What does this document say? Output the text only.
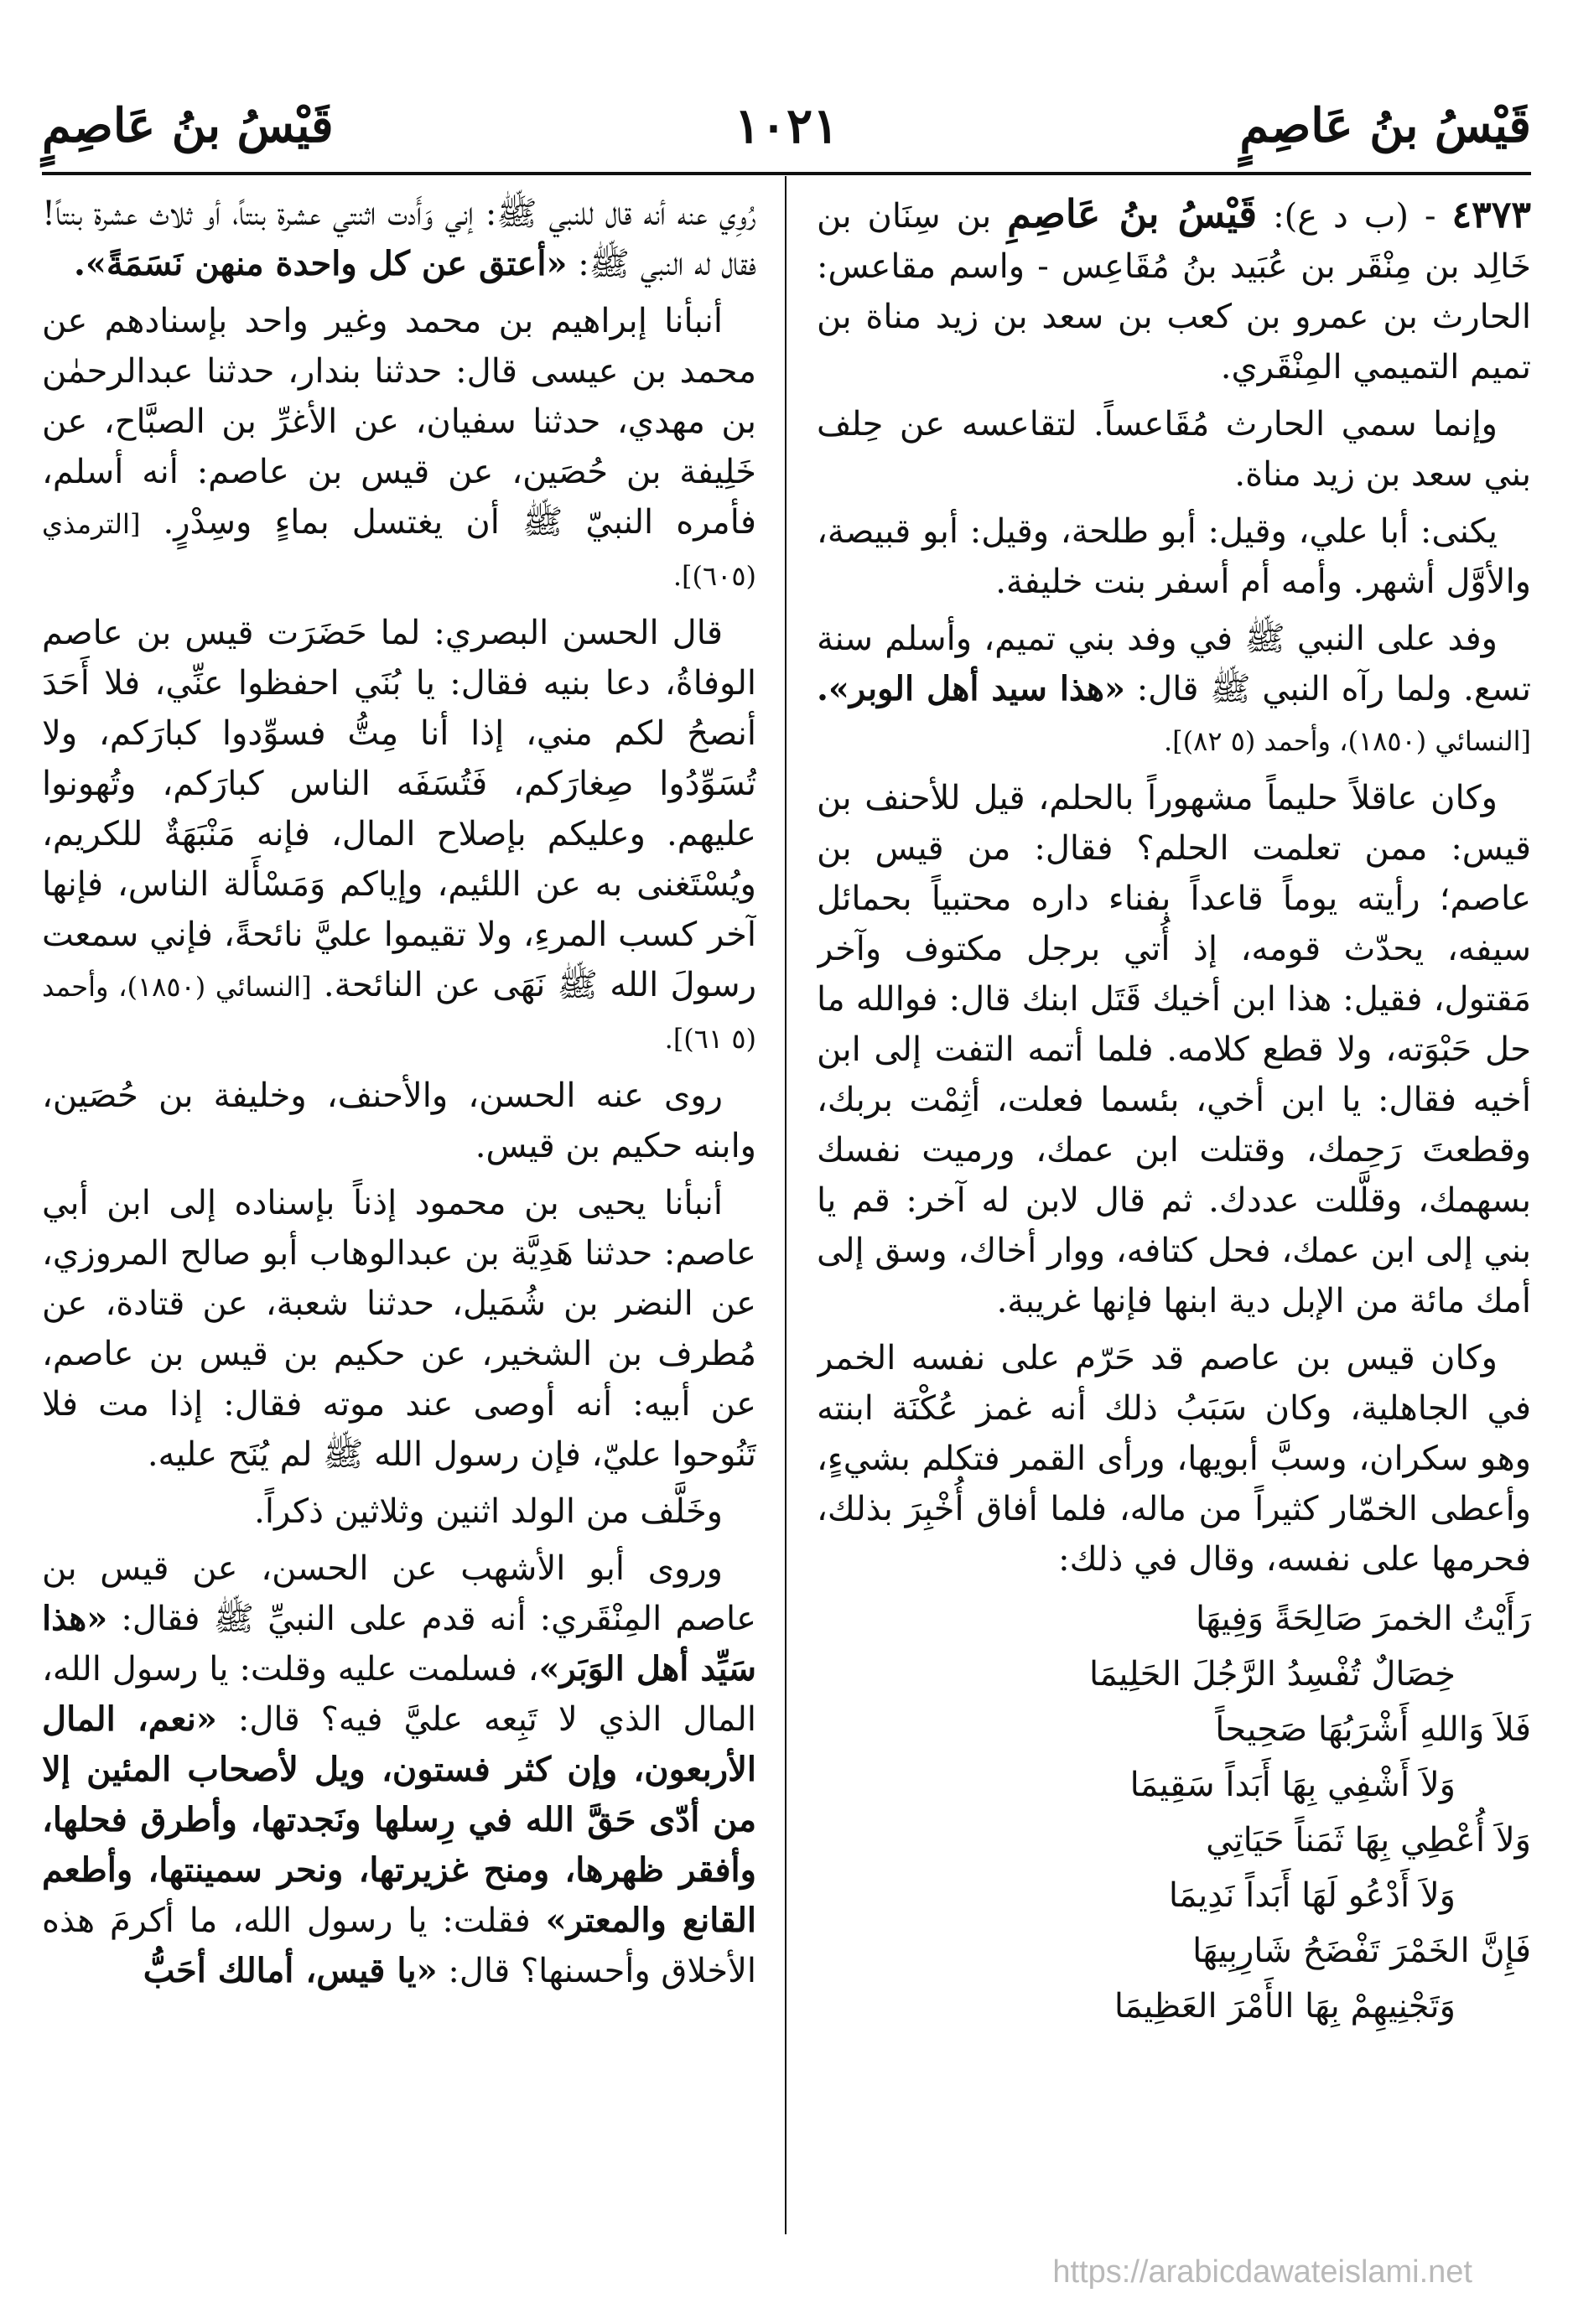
قَيْسُ بنُ عَاصِمٍ
١٠٢١
قَيْسُ بنُ عَاصِمٍ

٤٣٧٣ - (ب د ع): قَيْسُ بنُ عَاصِمِ بن سِنَان بن خَالِد بن مِنْقَر بن عُبَيد بنُ مُقَاعِس - واسم مقاعس: الحارث بن عمرو بن كعب بن سعد بن زيد مناة بن تميم التميمي المِنْقَري.

وإنما سمي الحارث مُقَاعساً. لتقاعسه عن حِلف بني سعد بن زيد مناة.

يكنى: أبا علي، وقيل: أبو طلحة، وقيل: أبو قبيصة، والأوَّل أشهر. وأمه أم أسفر بنت خليفة.

وفد على النبي ﷺ في وفد بني تميم، وأسلم سنة تسع. ولما رآه النبي ﷺ قال: «هذا سيد أهل الوبر». [النسائي (١٨٥٠)، وأحمد (٥ ٨٢)].

وكان عاقلاً حليماً مشهوراً بالحلم، قيل للأحنف بن قيس: ممن تعلمت الحلم؟ فقال: من قيس بن عاصم؛ رأيته يوماً قاعداً بفناء داره محتبياً بحمائل سيفه، يحدّث قومه، إذ أُتي برجل مكتوف وآخر مَقتول، فقيل: هذا ابن أخيك قَتَل ابنك قال: فوالله ما حل حَبْوَته، ولا قطع كلامه. فلما أتمه التفت إلى ابن أخيه فقال: يا ابن أخي، بئسما فعلت، أثِمْت بربك، وقطعتَ رَحِمك، وقتلت ابن عمك، ورميت نفسك بسهمك، وقلَّلت عددك. ثم قال لابن له آخر: قم يا بني إلى ابن عمك، فحل كتافه، ووار أخاك، وسق إلى أمك مائة من الإبل دية ابنها فإنها غريبة.

وكان قيس بن عاصم قد حَرّم على نفسه الخمر في الجاهلية، وكان سَبَبُ ذلك أنه غمز عُكْنَة ابنته وهو سكران، وسبَّ أبويها، ورأى القمر فتكلم بشيءٍ، وأعطى الخمّار كثيراً من ماله، فلما أفاق أُخْبِرَ بذلك، فحرمها على نفسه، وقال في ذلك:

رَأَيْتُ الخمرَ صَالِحَةً وَفِيهَا
خِصَالٌ تُفْسِدُ الرَّجُلَ الحَلِيمَا
فَلاَ وَاللهِ أَشْرَبُهَا صَحِيحاً
وَلاَ أَشْفِي بِهَا أَبَداً سَقِيمَا
وَلاَ أُعْطِي بِهَا ثَمَناً حَيَاتِي
وَلاَ أَدْعُو لَهَا أَبَداً نَدِيمَا
فَإِنَّ الخَمْرَ تَفْضَحُ شَارِبِيهَا
وَتَجْنِيهِمْ بِهَا الأَمْرَ العَظِيمَا

رُوِي عنه أنه قال للنبي ﷺ: إني وَأَدت اثنتي عشرة بنتاً، أو ثلاث عشرة بنتاً! فقال له النبي ﷺ: «أعتق عن كل واحدة منهن نَسَمَةً».

أنبأنا إبراهيم بن محمد وغير واحد بإسنادهم عن محمد بن عيسى قال: حدثنا بندار، حدثنا عبدالرحمٰن بن مهدي، حدثنا سفيان، عن الأغرِّ بن الصبَّاح، عن خَلِيفة بن حُصَين، عن قيس بن عاصم: أنه أسلم، فأمره النبيّ ﷺ أن يغتسل بماءٍ وسِدْرٍ. [الترمذي (٦٠٥)].

قال الحسن البصري: لما حَضَرَت قيس بن عاصم الوفاةُ، دعا بنيه فقال: يا بُنَي احفظوا عنِّي، فلا أَحَدَ أنصحُ لكم مني، إذا أنا مِتُّ فسوِّدوا كبارَكم، ولا تُسَوِّدُوا صِغارَكم، فَتُسَفَه الناس كبارَكم، وتُهونوا عليهم. وعليكم بإصلاح المال، فإنه مَنْبَهَةٌ للكريم، ويُسْتَغنى به عن اللئيم، وإياكم وَمَسْأَلة الناس، فإنها آخر كسب المرءِ، ولا تقيموا عليَّ نائحةً، فإني سمعت رسولَ الله ﷺ نَهَى عن النائحة. [النسائي (١٨٥٠)، وأحمد (٥ ٦١)].

روى عنه الحسن، والأحنف، وخليفة بن حُصَين، وابنه حكيم بن قيس.

أنبأنا يحيى بن محمود إذناً بإسناده إلى ابن أبي عاصم: حدثنا هَدِيَّة بن عبدالوهاب أبو صالح المروزي، عن النضر بن شُمَيل، حدثنا شعبة، عن قتادة، عن مُطرف بن الشخير، عن حكيم بن قيس بن عاصم، عن أبيه: أنه أوصى عند موته فقال: إذا مت فلا تَنُوحوا عليّ، فإن رسول الله ﷺ لم يُنَح عليه.

وخَلَّف من الولد اثنين وثلاثين ذكراً.

وروى أبو الأشهب عن الحسن، عن قيس بن عاصم المِنْقَري: أنه قدم على النبيِّ ﷺ فقال: «هذا سَيِّد أهل الوَبَر»، فسلمت عليه وقلت: يا رسول الله، المال الذي لا تَبِعه عليَّ فيه؟ قال: «نعم، المال الأربعون، وإن كثر فستون، ويل لأصحاب المئين إلا من أدّى حَقَّ الله في رِسلها ونَجدتها، وأطرق فحلها، وأفقر ظهرها، ومنح غزيرتها، ونحر سمينتها، وأطعم القانع والمعتر» فقلت: يا رسول الله، ما أكرمَ هذه الأخلاق وأحسنها؟ قال: «يا قيس، أمالك أحَبُّ

https://arabicdawateislami.net
